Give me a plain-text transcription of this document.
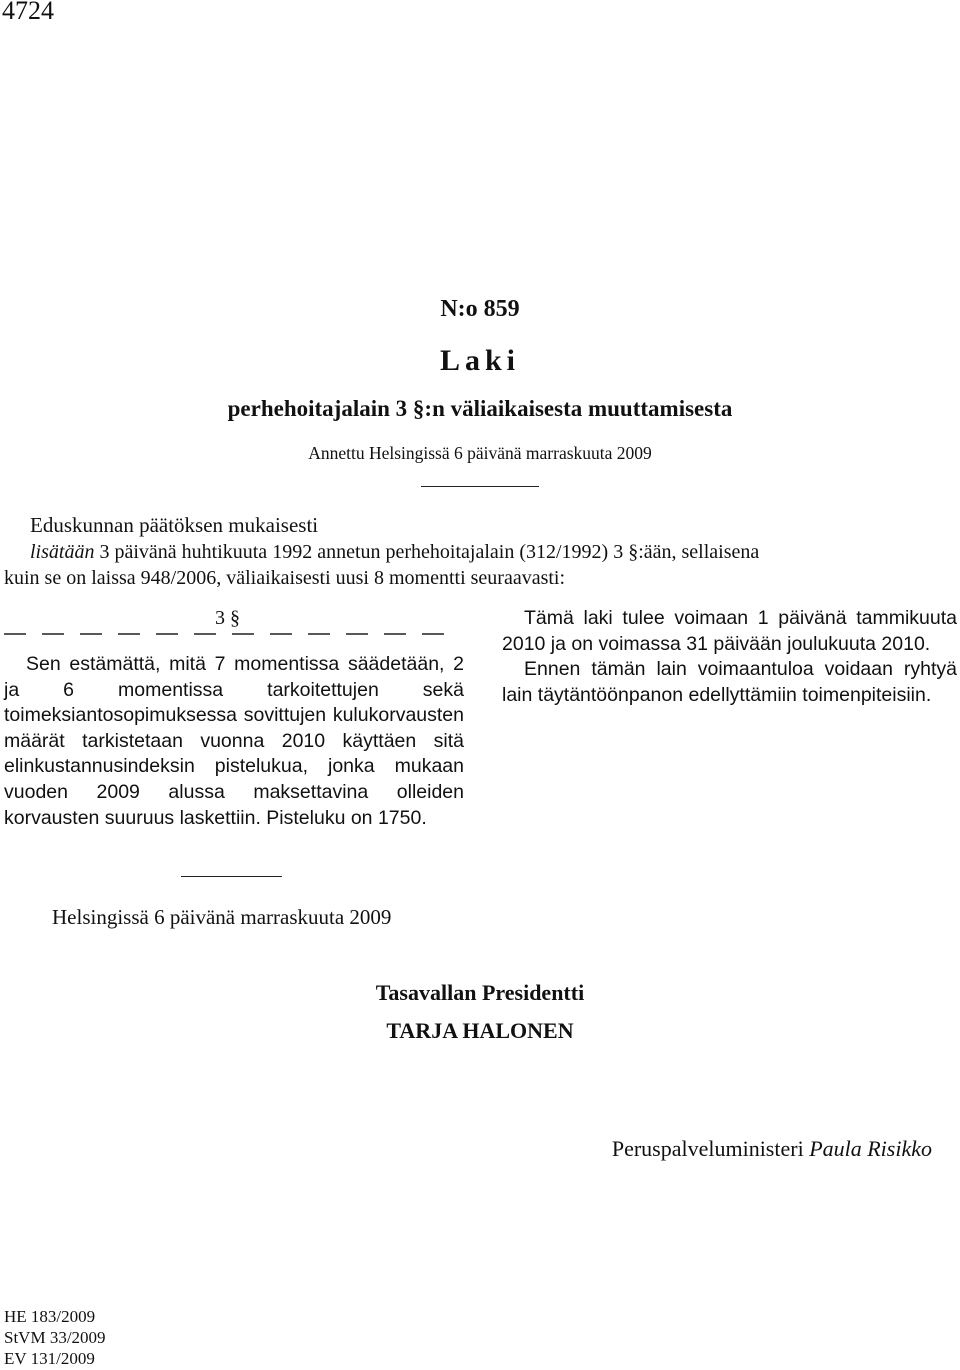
4724
N:o 859
Laki
perhehoitajalain 3 §:n väliaikaisesta muuttamisesta
Annettu Helsingissä 6 päivänä marraskuuta 2009
Eduskunnan päätöksen mukaisesti
lisätään 3 päivänä huhtikuuta 1992 annetun perhehoitajalain (312/1992) 3 §:ään, sellaisena
kuin se on laissa 948/2006, väliaikaisesti uusi 8 momentti seuraavasti:
3 §
Sen estämättä, mitä 7 momentissa säädetään, 2 ja 6 momentissa tarkoitettujen sekä toimeksiantosopimuksessa sovittujen kulukorvausten määrät tarkistetaan vuonna 2010 käyttäen sitä elinkustannusindeksin pistelukua, jonka mukaan vuoden 2009 alussa maksettavina olleiden korvausten suuruus laskettiin. Pisteluku on 1750.

Tämä laki tulee voimaan 1 päivänä tammikuuta 2010 ja on voimassa 31 päivään joulukuuta 2010.

Ennen tämän lain voimaantuloa voidaan ryhtyä lain täytäntöönpanon edellyttämiin toimenpiteisiin.

Helsingissä 6 päivänä marraskuuta 2009
Tasavallan Presidentti
TARJA HALONEN
Peruspalveluministeri Paula Risikko
HE 183/2009
StVM 33/2009
EV 131/2009
